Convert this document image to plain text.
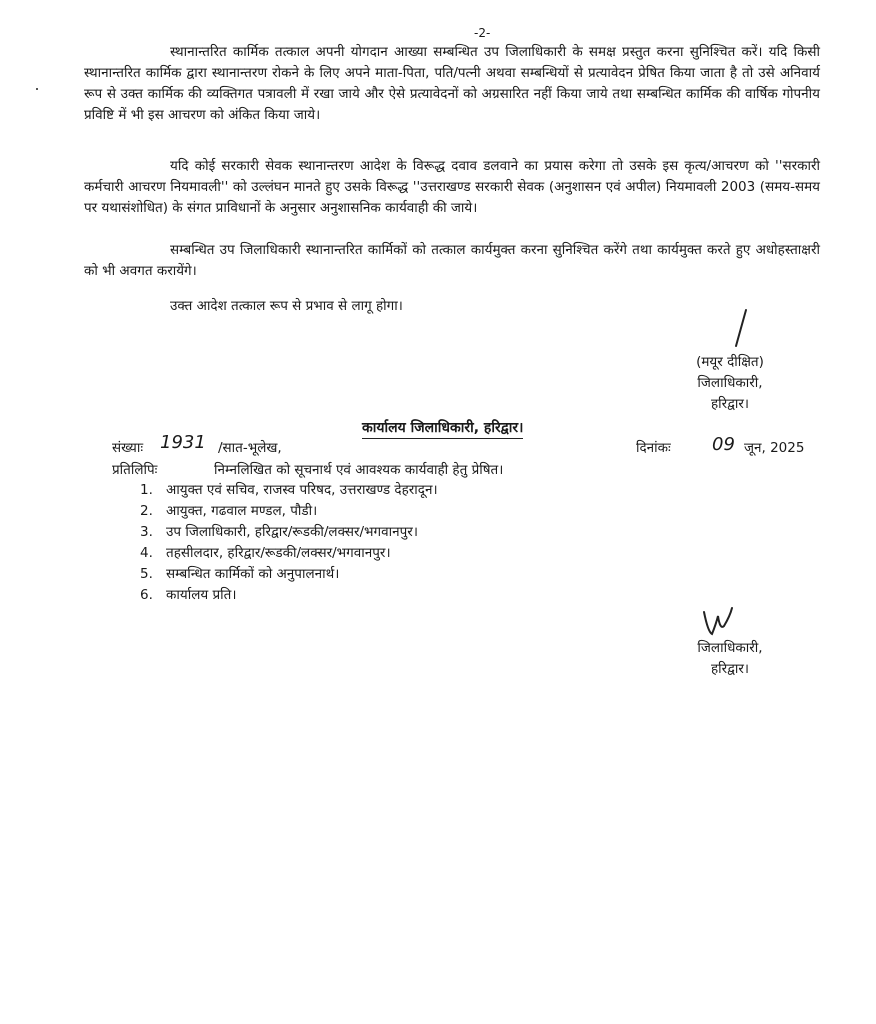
-2-

स्थानान्तरित कार्मिक तत्काल अपनी योगदान आख्या सम्बन्धित उप जिलाधिकारी के समक्ष प्रस्तुत करना सुनिश्चित करें। यदि किसी स्थानान्तरित कार्मिक द्वारा स्थानान्तरण रोकने के लिए अपने माता-पिता, पति/पत्नी अथवा सम्बन्धियों से प्रत्यावेदन प्रेषित किया जाता है तो उसे अनिवार्य रूप से उक्त कार्मिक की व्यक्तिगत पत्रावली में रखा जाये और ऐसे प्रत्यावेदनों को अग्रसारित नहीं किया जाये तथा सम्बन्धित कार्मिक की वार्षिक गोपनीय प्रविष्टि में भी इस आचरण को अंकित किया जाये।

यदि कोई सरकारी सेवक स्थानान्तरण आदेश के विरूद्ध दवाव डलवाने का प्रयास करेगा तो उसके इस कृत्य/आचरण को ''सरकारी कर्मचारी आचरण नियमावली'' को उल्लंघन मानते हुए उसके विरूद्ध ''उत्तराखण्ड सरकारी सेवक (अनुशासन एवं अपील) नियमावली 2003 (समय-समय पर यथासंशोधित) के संगत प्राविधानों के अनुसार अनुशासनिक कार्यवाही की जाये।

सम्बन्धित उप जिलाधिकारी स्थानान्तरित कार्मिकों को तत्काल कार्यमुक्त करना सुनिश्चित करेंगे तथा कार्यमुक्त करते हुए अधोहस्ताक्षरी को भी अवगत करायेंगे।

उक्त आदेश तत्काल रूप से प्रभाव से लागू होगा।
(मयूर दीक्षित)
जिलाधिकारी,
हरिद्वार।
कार्यालय जिलाधिकारी, हरिद्वार।
संख्याः 1931 /सात-भूलेख,	दिनांकः 09 जून, 2025
प्रतिलिपिः	निम्नलिखित को सूचनार्थ एवं आवश्यक कार्यवाही हेतु प्रेषित।
1. आयुक्त एवं सचिव, राजस्व परिषद, उत्तराखण्ड देहरादून।
2. आयुक्त, गढवाल मण्डल, पौडी।
3. उप जिलाधिकारी, हरिद्वार/रूडकी/लक्सर/भगवानपुर।
4. तहसीलदार, हरिद्वार/रूडकी/लक्सर/भगवानपुर।
5. सम्बन्धित कार्मिकों को अनुपालनार्थ।
6. कार्यालय प्रति।
जिलाधिकारी,
हरिद्वार।
